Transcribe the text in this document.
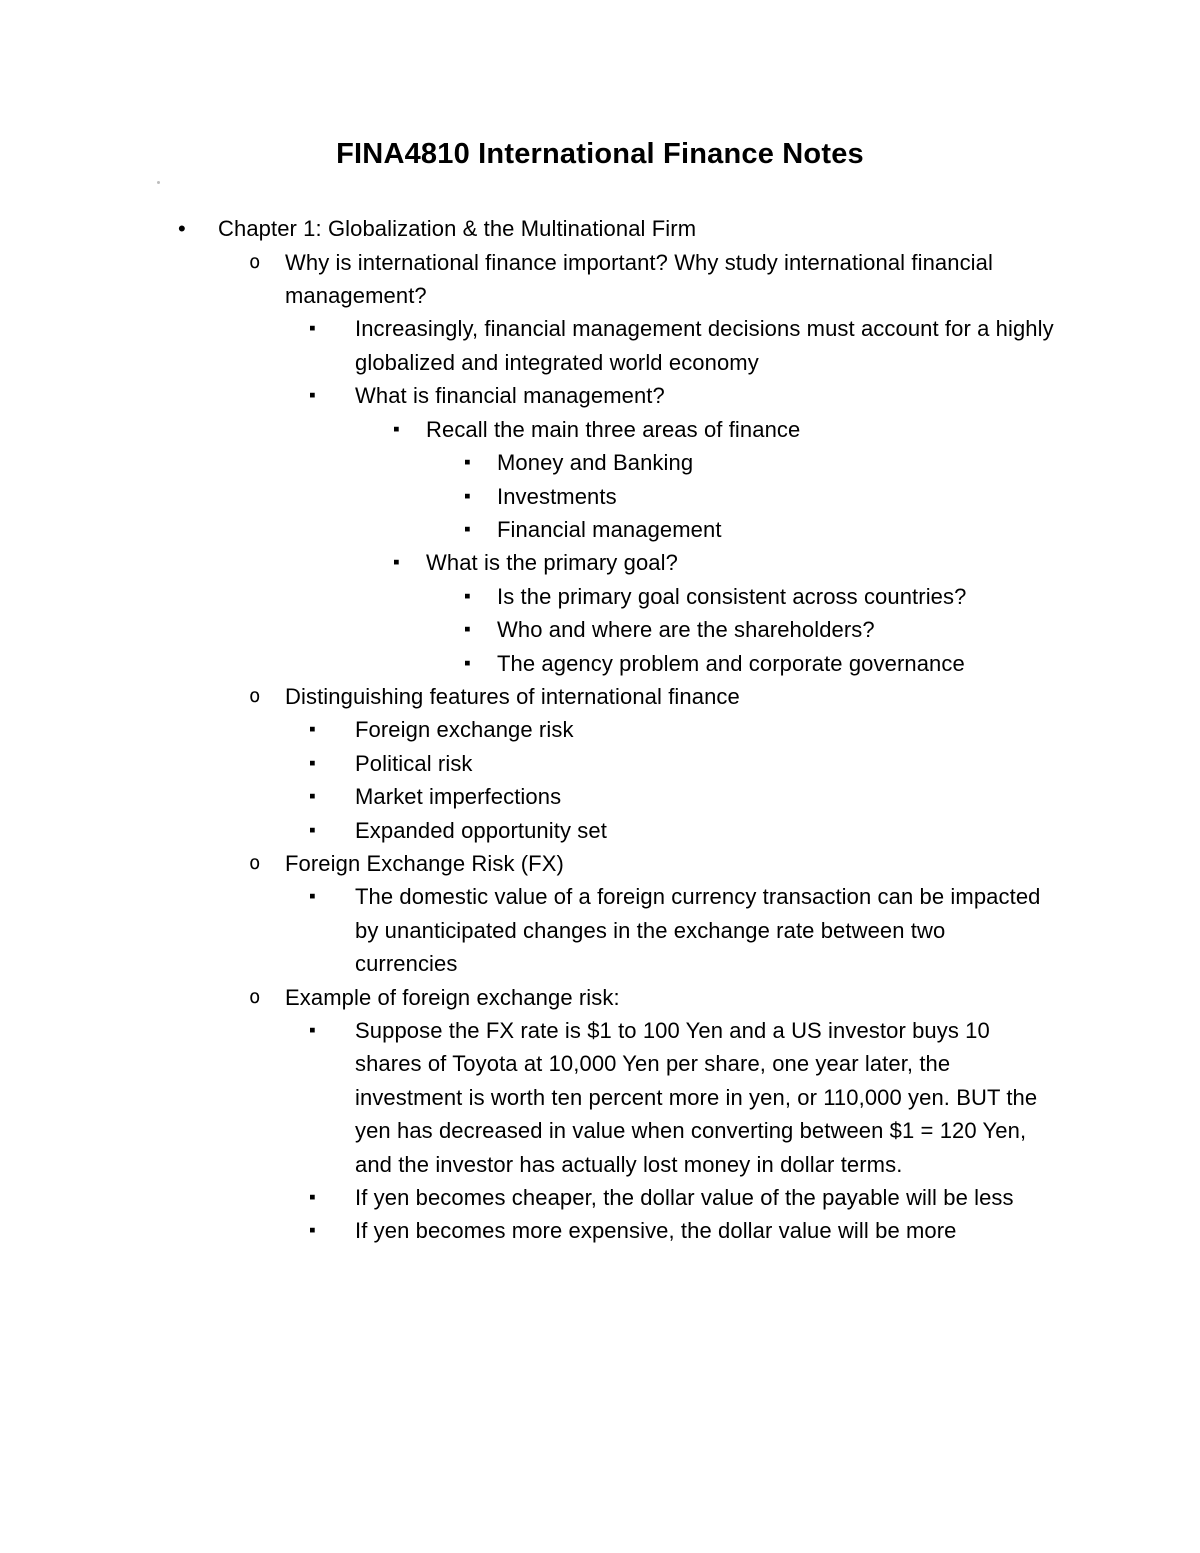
FINA4810 International Finance Notes
• Chapter 1: Globalization & the Multinational Firm
o Why is international finance important? Why study international financial management?
▪ Increasingly, financial management decisions must account for a highly globalized and integrated world economy
▪ What is financial management?
▪ Recall the main three areas of finance
▪ Money and Banking
▪ Investments
▪ Financial management
▪ What is the primary goal?
▪ Is the primary goal consistent across countries?
▪ Who and where are the shareholders?
▪ The agency problem and corporate governance
o Distinguishing features of international finance
▪ Foreign exchange risk
▪ Political risk
▪ Market imperfections
▪ Expanded opportunity set
o Foreign Exchange Risk (FX)
▪ The domestic value of a foreign currency transaction can be impacted by unanticipated changes in the exchange rate between two currencies
o Example of foreign exchange risk:
▪ Suppose the FX rate is $1 to 100 Yen and a US investor buys 10 shares of Toyota at 10,000 Yen per share, one year later, the investment is worth ten percent more in yen, or 110,000 yen. BUT the yen has decreased in value when converting between $1 = 120 Yen, and the investor has actually lost money in dollar terms.
▪ If yen becomes cheaper, the dollar value of the payable will be less
▪ If yen becomes more expensive, the dollar value will be more
